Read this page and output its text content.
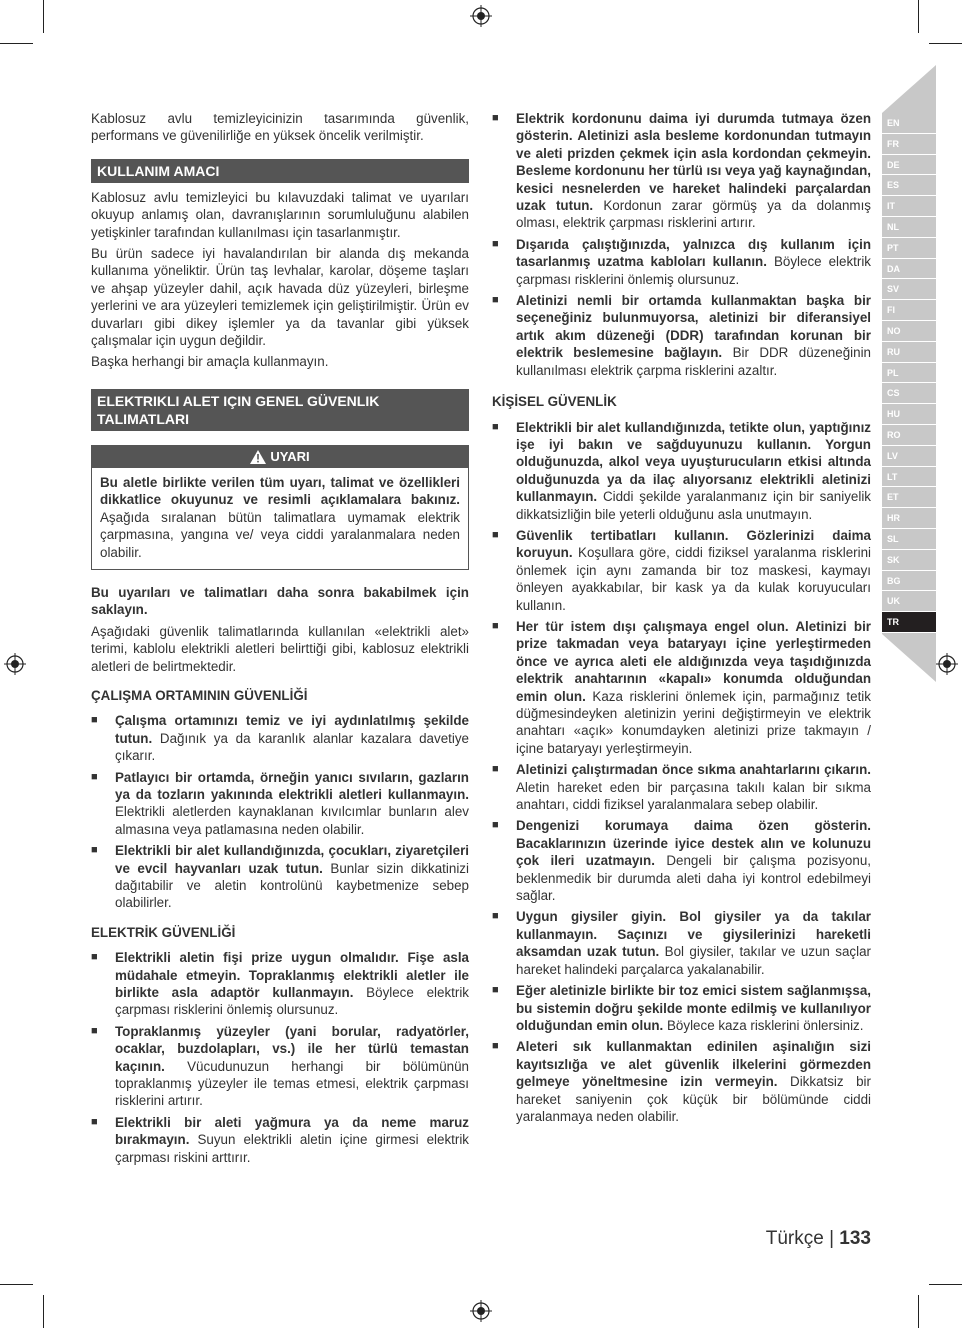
Kablosuz avlu temizleyicinizin tasarımında güvenlik, performans ve güvenilirliğe en yüksek öncelik verilmiştir.

KULLANIM AMACI

Kablosuz avlu temizleyici bu kılavuzdaki talimat ve uyarıları okuyup anlamış olan, davranışlarının sorumluluğunu alabilen yetişkinler tarafından kullanılması için tasarlanmıştır.

Bu ürün sadece iyi havalandırılan bir alanda dış mekanda kullanıma yöneliktir. Ürün taş levhalar, karolar, döşeme taşları ve ahşap yüzeyler dahil, açık havada düz yüzeyleri, birleşme yerlerini ve ara yüzeyleri temizlemek için geliştirilmiştir. Ürün ev duvarları gibi dikey işlemler ya da tavanlar gibi yüksek çalışmalar için uygun değildir.

Başka herhangi bir amaçla kullanmayın.

ELEKTRIKLI ALET IÇIN GENEL GÜVENLIK TALIMATLARI
UYARI
Bu aletle birlikte verilen tüm uyarı, talimat ve özellikleri dikkatlice okuyunuz ve resimli açıklamalara bakınız. Aşağıda sıralanan bütün talimatlara uymamak elektrik çarpmasına, yangına ve/ veya ciddi yaralanmalara neden olabilir.

Bu uyarıları ve talimatları daha sonra bakabilmek için saklayın.

Aşağıdaki güvenlik talimatlarında kullanılan «elektrikli alet» terimi, kablolu elektrikli aletleri belirttiği gibi, kablosuz elektrikli aletleri de belirtmektedir.

ÇALIŞMA ORTAMININ GÜVENLİĞİ
■ Çalışma ortamınızı temiz ve iyi aydınlatılmış şekilde tutun. Dağınık ya da karanlık alanlar kazalara davetiye çıkarır.
■ Patlayıcı bir ortamda, örneğin yanıcı sıvıların, gazların ya da tozların yakınında elektrikli aletleri kullanmayın. Elektrikli aletlerden kaynaklanan kıvılcımlar bunların alev almasına veya patlamasına neden olabilir.
■ Elektrikli bir alet kullandığınızda, çocukları, ziyaretçileri ve evcil hayvanları uzak tutun. Bunlar sizin dikkatinizi dağıtabilir ve aletin kontrolünü kaybetmenize sebep olabilirler.
ELEKTRİK GÜVENLİĞİ
■ Elektrikli aletin fişi prize uygun olmalıdır. Fişe asla müdahale etmeyin. Topraklanmış elektrikli aletler ile birlikte asla adaptör kullanmayın. Böylece elektrik çarpması risklerini önlemiş olursunuz.
■ Topraklanmış yüzeyler (yani borular, radyatörler, ocaklar, buzdolapları, vs.) ile her türlü temastan kaçının. Vücudunuzun herhangi bir bölümünün topraklanmış yüzeyler ile temas etmesi, elektrik çarpması risklerini artırır.
■ Elektrikli bir aleti yağmura ya da neme maruz bırakmayın. Suyun elektrikli aletin içine girmesi elektrik çarpması riskini arttırır.
■ Elektrik kordonunu daima iyi durumda tutmaya özen gösterin. Aletinizi asla besleme kordonundan tutmayın ve aleti prizden çekmek için asla kordondan çekmeyin. Besleme kordonunu her türlü ısı veya yağ kaynağından, kesici nesnelerden ve hareket halindeki parçalardan uzak tutun. Kordonun zarar görmüş ya da dolanmış olması, elektrik çarpması risklerini artırır.
■ Dışarıda çalıştığınızda, yalnızca dış kullanım için tasarlanmış uzatma kabloları kullanın. Böylece elektrik çarpması risklerini önlemiş olursunuz.
■ Aletinizi nemli bir ortamda kullanmaktan başka bir seçeneğiniz bulunmuyorsa, aletinizi bir diferansiyel artık akım düzeneği (DDR) tarafından korunan bir elektrik beslemesine bağlayın. Bir DDR düzeneğinin kullanılması elektrik çarpma risklerini azaltır.
KİŞİSEL GÜVENLİK
■ Elektrikli bir alet kullandığınızda, tetikte olun, yaptığınız işe iyi bakın ve sağduyunuzu kullanın. Yorgun olduğunuzda, alkol veya uyuşturucuların etkisi altında olduğunuzda ya da ilaç alıyorsanız elektrikli aletinizi kullanmayın. Ciddi şekilde yaralanmanız için bir saniyelik dikkatsizliğin bile yeterli olduğunu asla unutmayın.
■ Güvenlik tertibatları kullanın. Gözlerinizi daima koruyun. Koşullara göre, ciddi fiziksel yaralanma risklerini önlemek için aynı zamanda bir toz maskesi, kaymayı önleyen ayakkabılar, bir kask ya da kulak koruyucuları kullanın.
■ Her tür istem dışı çalışmaya engel olun. Aletinizi bir prize takmadan veya bataryayı içine yerleştirmeden önce ve ayrıca aleti ele aldığınızda veya taşıdığınızda elektrik anahtarının «kapalı» konumda olduğundan emin olun. Kaza risklerini önlemek için, parmağınız tetik düğmesindeyken aletinizin yerini değiştirmeyin ve elektrik anahtarı «açık» konumdayken aletinizi prize takmayın / içine bataryayı yerleştirmeyin.
■ Aletinizi çalıştırmadan önce sıkma anahtarlarını çıkarın. Aletin hareket eden bir parçasına takılı kalan bir sıkma anahtarı, ciddi fiziksel yaralanmalara sebep olabilir.
■ Dengenizi korumaya daima özen gösterin. Bacaklarınızın üzerinde iyice destek alın ve kolunuzu çok ileri uzatmayın. Dengeli bir çalışma pozisyonu, beklenmedik bir durumda aleti daha iyi kontrol edebilmeyi sağlar.
■ Uygun giysiler giyin. Bol giysiler ya da takılar kullanmayın. Saçınızı ve giysilerinizi hareketli aksamdan uzak tutun. Bol giysiler, takılar ve uzun saçlar hareket halindeki parçalarca yakalanabilir.
■ Eğer aletinizle birlikte bir toz emici sistem sağlanmışsa, bu sistemin doğru şekilde monte edilmiş ve kullanılıyor olduğundan emin olun. Böylece kaza risklerini önlersiniz.
■ Aleteri sık kullanmaktan edinilen aşinalığın sizi kayıtsızlığa ve alet güvenlik ilkelerini görmezden gelmeye yöneltmesine izin vermeyin. Dikkatsiz bir hareket saniyenin çok küçük bir bölümünde ciddi yaralanmaya neden olabilir.
EN
FR
DE
ES
IT
NL
PT
DA
SV
FI
NO
RU
PL
CS
HU
RO
LV
LT
ET
HR
SL
SK
BG
UK
TR
Türkçe | 133
